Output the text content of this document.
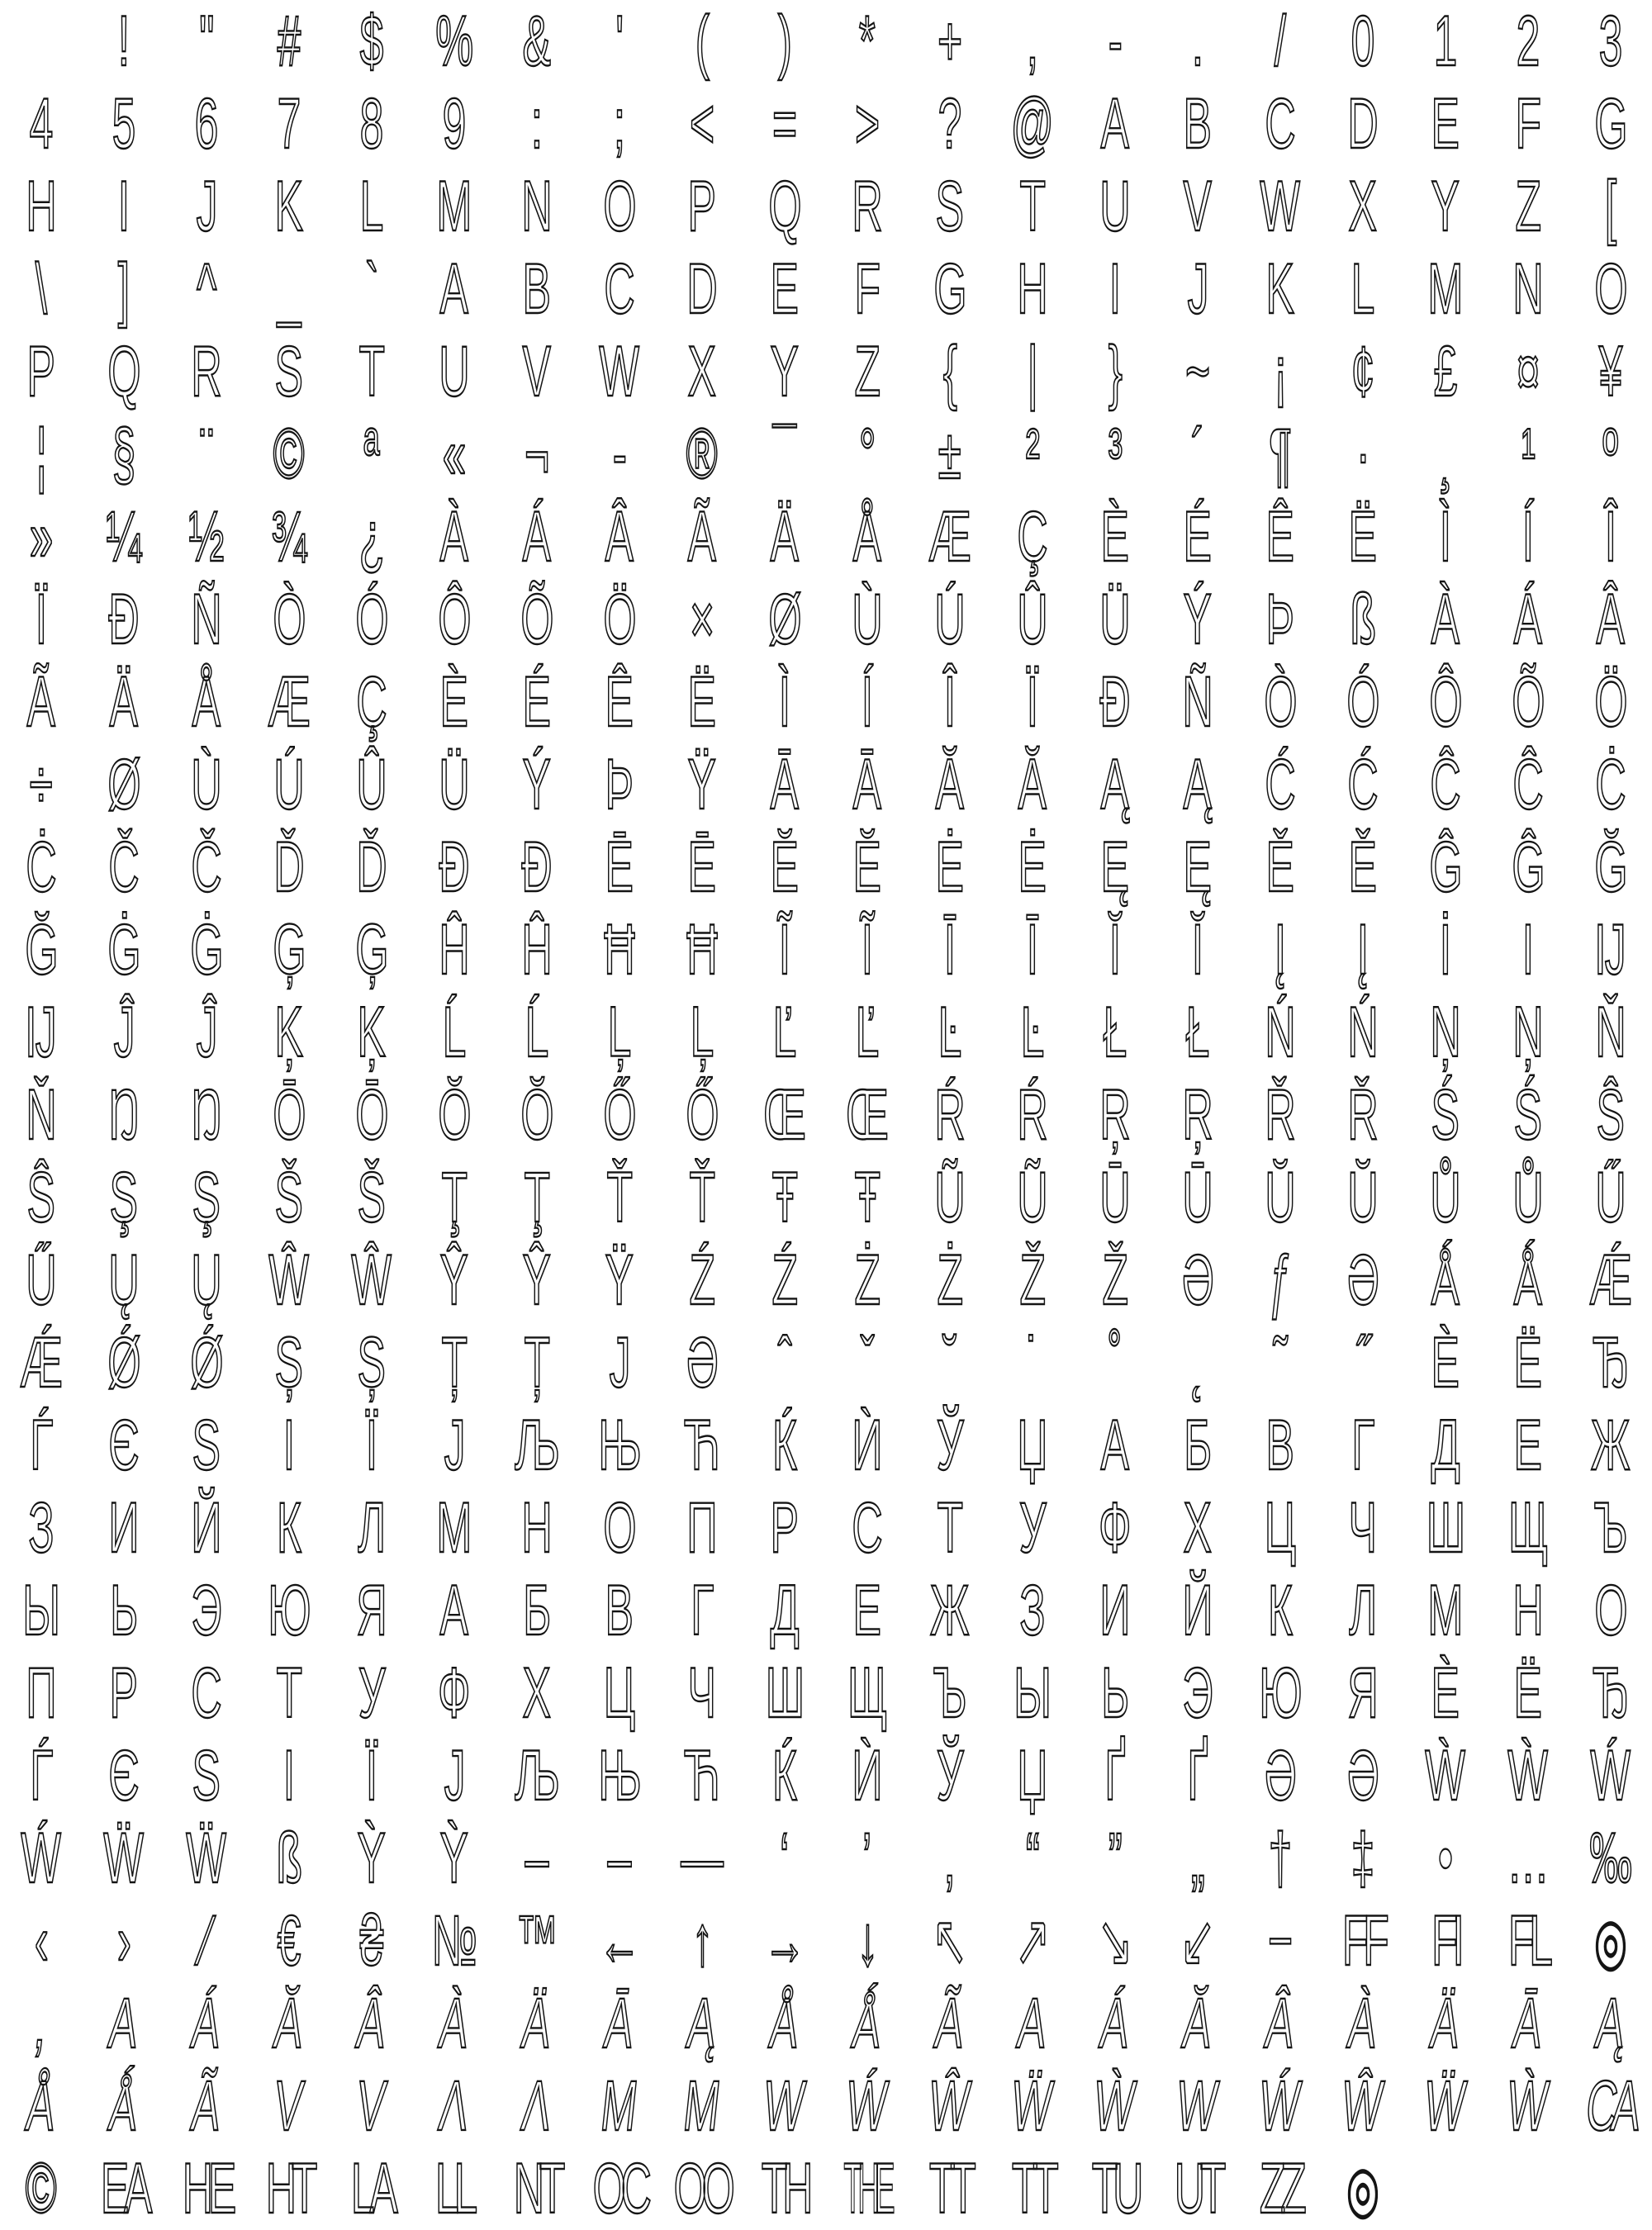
! " # $ % & ' ( ) * + , - . / 0 1 2 3
4 5 6 7 8 9 : ; < = > ? @ A B C D E F G
H I J K L M N O P Q R S T U V W X Y Z [
\ ] ^ _ ` A B C D E F G H I J K L M N O
P Q R S T U V W X Y Z { | } ~ ¡ ¢ £ ¤ ¥
¦ § ¨ © ª « ¬ - ® ¯ ° ± ² ³ ´ ¶ · ¸ ¹ º
» ¼ ½ ¾ ¿ À Á Â Ã Ä Å Æ Ç È É Ê Ë Ì Í Î
Ï Ð Ñ Ò Ó Ô Õ Ö × Ø Ù Ú Û Ü Ý Þ ß À Á Â
Ã Ä Å Æ Ç È É Ê Ë Ì Í Î Ï Ð Ñ Ò Ó Ô Õ Ö
÷ Ø Ù Ú Û Ü Ý Þ Ÿ Ā Ā Ă Ă Ą Ą Ć Ć Ĉ Ĉ Ċ
Ċ Č Č Ď Ď Đ Đ Ē Ē Ĕ Ĕ Ė Ė Ę Ę Ě Ě Ĝ Ĝ Ğ
Ğ Ġ Ġ Ģ Ģ Ĥ Ĥ Ħ Ħ Ĩ Ĩ Ī Ī Ĭ Ĭ Į Į İ I Ĳ
Ĳ Ĵ Ĵ Ķ Ķ Ĺ Ĺ Ļ Ļ Ľ Ľ Ŀ Ŀ Ł Ł Ń Ń Ņ Ņ Ň
Ň Ŋ Ŋ Ō Ō Ŏ Ŏ Ő Ő Œ Œ Ŕ Ŕ Ŗ Ŗ Ř Ř Ś Ś Ŝ
Ŝ Ş Ş Š Š Ţ Ţ Ť Ť Ŧ Ŧ Ũ Ũ Ū Ū Ŭ Ŭ Ů Ů Ű
Ű Ų Ų Ŵ Ŵ Ŷ Ŷ Ÿ Ź Ź Ż Ż Ž Ž Ə ƒ Ə Ǻ Ǻ Ǽ
Ǽ Ǿ Ǿ Ș Ș Ț Ț J Ə ˆ ˇ ˘ ˙ ˚ ˛ ˜ ˝ Ѐ Ё Ђ
Ѓ Є Ѕ І Ї Ј Љ Њ Ћ Ќ Ѝ Ў Џ А Б В Г Д Е Ж
З И Й К Л М Н О П Р С Т У Ф Х Ц Ч Ш Щ Ъ
Ы Ь Э Ю Я А Б В Г Д Е Ж З И Й К Л М Н О
П Р С Т У Ф Х Ц Ч Ш Щ Ъ Ы Ь Э Ю Я Ѐ Ё Ђ
Ѓ Є Ѕ І Ї Ј Љ Њ Ћ Ќ Ѝ Ў Џ Ґ Ґ Ә Ә Ẁ Ẁ Ẃ
Ẃ Ẅ Ẅ ß Ỳ Ỳ – – — ‘ ’ ‚ “ ” „ † ‡ • … ‰
‹ › ⁄ € ₴ № ™ ← ↑ → ↓ ↖ ↗ ↘ ↙ − FF FI FL ◎
, A Á Ă Â À Ä Ā Ą Å Ǻ Ã A Á Ă Â À Ä Ā Ą
Å Ǻ Ã V V Λ Λ M M W Ẃ Ŵ Ẅ Ẁ W Ẃ Ŵ Ẅ Ẁ CA
© EA HE HT LA LL NT OC OO TH THE TT TT TU UT ZZ ◎
